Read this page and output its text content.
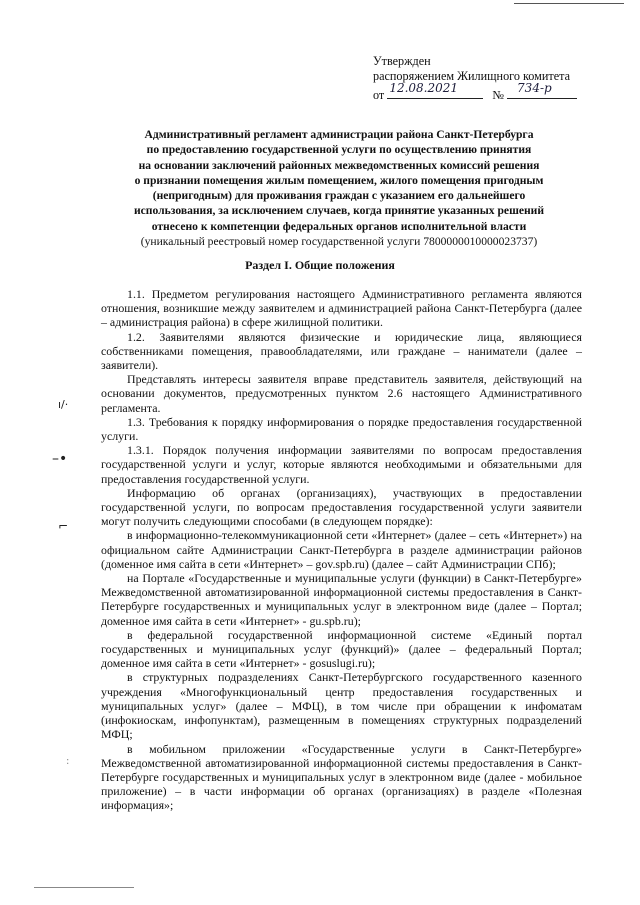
ı/·
–•
⌐
:
Утвержден
распоряжением Жилищного комитета
от 12.08.2021	№ 734-р
Административный регламент администрации района Санкт-Петербурга
по предоставлению государственной услуги по осуществлению принятия
на основании заключений районных межведомственных комиссий решения
о признании помещения жилым помещением, жилого помещения пригодным
(непригодным) для проживания граждан с указанием его дальнейшего
использования, за исключением случаев, когда принятие указанных решений
отнесено к компетенции федеральных органов исполнительной власти
(уникальный реестровый номер государственной услуги 7800000010000023737)
Раздел I. Общие положения

1.1. Предметом регулирования настоящего Административного регламента являются отношения, возникшие между заявителем и администрацией района Санкт-Петербурга (далее – администрация района) в сфере жилищной политики.

1.2. Заявителями являются физические и юридические лица, являющиеся собственниками помещения, правообладателями, или граждане – наниматели (далее – заявители).

Представлять интересы заявителя вправе представитель заявителя, действующий на основании документов, предусмотренных пунктом 2.6 настоящего Административного регламента.

1.3. Требования к порядку информирования о порядке предоставления государственной услуги.

1.3.1. Порядок получения информации заявителями по вопросам предоставления государственной услуги и услуг, которые являются необходимыми и обязательными для предоставления государственной услуги.

Информацию об органах (организациях), участвующих в предоставлении государственной услуги, по вопросам предоставления государственной услуги заявители могут получить следующими способами (в следующем порядке):

в информационно-телекоммуникационной сети «Интернет» (далее – сеть «Интернет») на официальном сайте Администрации Санкт-Петербурга в разделе администрации районов (доменное имя сайта в сети «Интернет» – gov.spb.ru) (далее – сайт Администрации СПб);

на Портале «Государственные и муниципальные услуги (функции) в Санкт-Петербурге» Межведомственной автоматизированной информационной системы предоставления в Санкт-Петербурге государственных и муниципальных услуг в электронном виде (далее – Портал; доменное имя сайта в сети «Интернет» - gu.spb.ru);

в федеральной государственной информационной системе «Единый портал государственных и муниципальных услуг (функций)» (далее – федеральный Портал; доменное имя сайта в сети «Интернет» - gosuslugi.ru);

в структурных подразделениях Санкт-Петербургского государственного казенного учреждения «Многофункциональный центр предоставления государственных и муниципальных услуг» (далее – МФЦ), в том числе при обращении к инфоматам (инфокиоскам, инфопунктам), размещенным в помещениях структурных подразделений МФЦ;

в мобильном приложении «Государственные услуги в Санкт-Петербурге» Межведомственной автоматизированной информационной системы предоставления в Санкт-Петербурге государственных и муниципальных услуг в электронном виде (далее - мобильное приложение) – в части информации об органах (организациях) в разделе «Полезная информация»;
